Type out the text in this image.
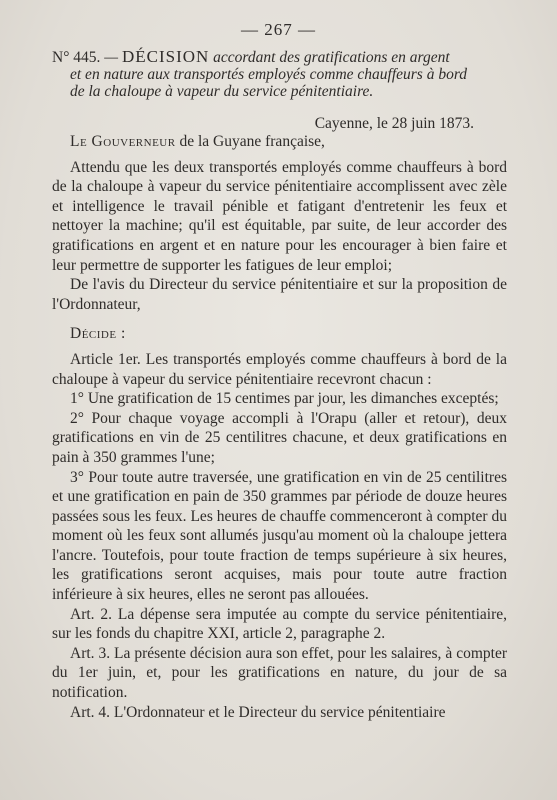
— 267 —
N° 445. — DÉCISION accordant des gratifications en argent
et en nature aux transportés employés comme chauffeurs à bord
de la chaloupe à vapeur du service pénitentiaire.
Cayenne, le 28 juin 1873.

Le Gouverneur de la Guyane française,

Attendu que les deux transportés employés comme chauffeurs à bord de la chaloupe à vapeur du service pénitentiaire accomplissent avec zèle et intelligence le travail pénible et fatigant d'entretenir les feux et nettoyer la machine; qu'il est équitable, par suite, de leur accorder des gratifications en argent et en nature pour les encourager à bien faire et leur permettre de supporter les fatigues de leur emploi;

De l'avis du Directeur du service pénitentiaire et sur la proposition de l'Ordonnateur,

Décide :

Article 1er. Les transportés employés comme chauffeurs à bord de la chaloupe à vapeur du service pénitentiaire recevront chacun :

1° Une gratification de 15 centimes par jour, les dimanches exceptés;

2° Pour chaque voyage accompli à l'Orapu (aller et retour), deux gratifications en vin de 25 centilitres chacune, et deux gratifications en pain à 350 grammes l'une;

3° Pour toute autre traversée, une gratification en vin de 25 centilitres et une gratification en pain de 350 grammes par période de douze heures passées sous les feux. Les heures de chauffe commenceront à compter du moment où les feux sont allumés jusqu'au moment où la chaloupe jettera l'ancre. Toutefois, pour toute fraction de temps supérieure à six heures, les gratifications seront acquises, mais pour toute autre fraction inférieure à six heures, elles ne seront pas allouées.

Art. 2. La dépense sera imputée au compte du service pénitentiaire, sur les fonds du chapitre XXI, article 2, paragraphe 2.

Art. 3. La présente décision aura son effet, pour les salaires, à compter du 1er juin, et, pour les gratifications en nature, du jour de sa notification.

Art. 4. L'Ordonnateur et le Directeur du service pénitentiaire
